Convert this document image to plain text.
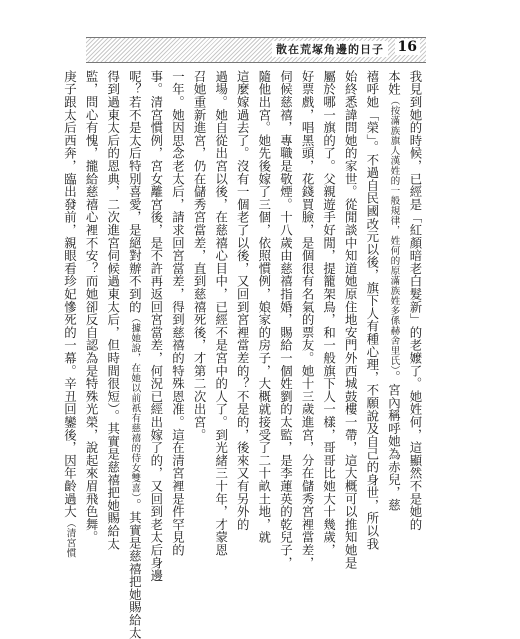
散在荒塚角邊的日子 16
我見到她的時候，已經是「紅顏暗老白髮新」的老嬤了。她姓何，這顯然不是她的
本姓（按滿族旗人漢姓的一般規律，姓何的原滿族姓多係赫舍里氏）。宮內稱呼她為赤兒，慈
禧呼她「榮」。不過自民國改元以後，旗下人有種心理，不願說及自己的身世，所以我
始終悉諱問她的家世。從閒談中知道她原住地安門外西城鼓樓一帶，這大概可以推知她是
屬於哪一旗的了。父親遊手好閒，提籠架鳥，和一般旗下人一樣，哥哥比她大十幾歲，
好票戲，唱黑頭，花錢買臉，是個很有名氣的票友。她十三歲進宮，分在儲秀宮裡當差，
伺候慈禧，專職是敬煙。十八歲由慈禧指婚，賜給一個姓劉的太監，是李蓮英的乾兒子，
隨他出宮。她先後嫁了三個，依照慣例，娘家的房子，大概就接受了二十畝土地，就
這麼嫁過去了。沒有一個老了以後，又回到宮裡當差的？不是的，後來又有另外的
過場。她自從出宮以後，在慈禧心目中，已經不是宮中的人了。到光緒三十年，才蒙恩
召她重新進宮，仍在儲秀宮當差，直到慈禧死後，才第二次出宮。
一年。她因思念老太后，請求回宮當差，得到慈禧的特殊恩准。這在清宮裡是件罕見的
事。清宮慣例，宮女離宮後，是不許再返回宮當差，何況已經出嫁了的，又回到老太后身邊
呢？若不是太后特別喜愛，是絕對辦不到的（據她說，在她以前祇有慈禧的侍女雙喜）。其實是慈禧把她賜給太
得到過東太后的恩典，二次進宮伺候過東太后，但時間很短）。其實是慈禧把她賜給太
監，問心有愧，攏給慈禧心裡不安？而她卻反自認為是特殊光榮，說起來眉飛色舞。
庚子跟太后西奔，臨出發前，親眼看珍妃慘死的一幕。辛丑回鑾後，因年齡過大（清宮慣
